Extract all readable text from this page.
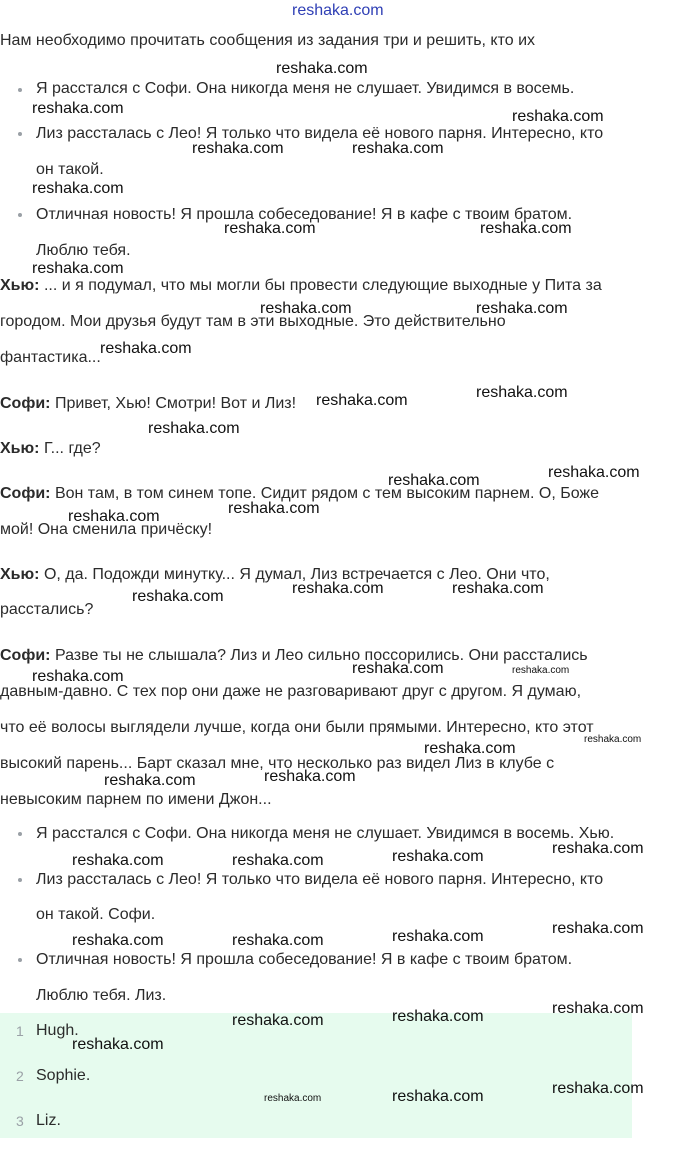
reshaka.com
Нам необходимо прочитать сообщения из задания три и решить, кто их
Я расстался с Софи. Она никогда меня не слушает. Увидимся в восемь.
Лиз рассталась с Лео! Я только что видела её нового парня. Интересно, кто
он такой.
Отличная новость! Я прошла собеседование! Я в кафе с твоим братом.
Люблю тебя.
Хью: ... и я подумал, что мы могли бы провести следующие выходные у Пита за
городом. Мои друзья будут там в эти выходные. Это действительно
фантастика...
Софи: Привет, Хью! Смотри! Вот и Лиз!
Хью: Г... где?
Софи: Вон там, в том синем топе. Сидит рядом с тем высоким парнем. О, Боже
мой! Она сменила причёску!
Хью: О, да. Подожди минутку... Я думал, Лиз встречается с Лео. Они что,
расстались?
Софи: Разве ты не слышала? Лиз и Лео сильно поссорились. Они расстались
давным-давно. С тех пор они даже не разговаривают друг с другом. Я думаю,
что её волосы выглядели лучше, когда они были прямыми. Интересно, кто этот
высокий парень... Барт сказал мне, что несколько раз видел Лиз в клубе с
невысоким парнем по имени Джон...
Я расстался с Софи. Она никогда меня не слушает. Увидимся в восемь. Хью.
Лиз рассталась с Лео! Я только что видела её нового парня. Интересно, кто
он такой. Софи.
Отличная новость! Я прошла собеседование! Я в кафе с твоим братом.
Люблю тебя. Лиз.
1 Hugh.
2 Sophie.
3 Liz.
reshaka.com
reshaka.com	reshaka.com
reshaka.com	reshaka.com
reshaka.com
reshaka.com	reshaka.com
reshaka.com
reshaka.com	reshaka.com
reshaka.com
reshaka.com	reshaka.com
reshaka.com
reshaka.com	reshaka.com
reshaka.com
reshaka.com
reshaka.com	reshaka.com
reshaka.com
reshaka.com	reshaka.com
reshaka.com
reshaka.com
reshaka.com
reshaka.com
reshaka.com
reshaka.com
reshaka.com
reshaka.com	reshaka.com
reshaka.com
reshaka.com
reshaka.com	reshaka.com
reshaka.com
reshaka.com
reshaka.com
reshaka.com
reshaka.com
reshaka.com
reshaka.com
